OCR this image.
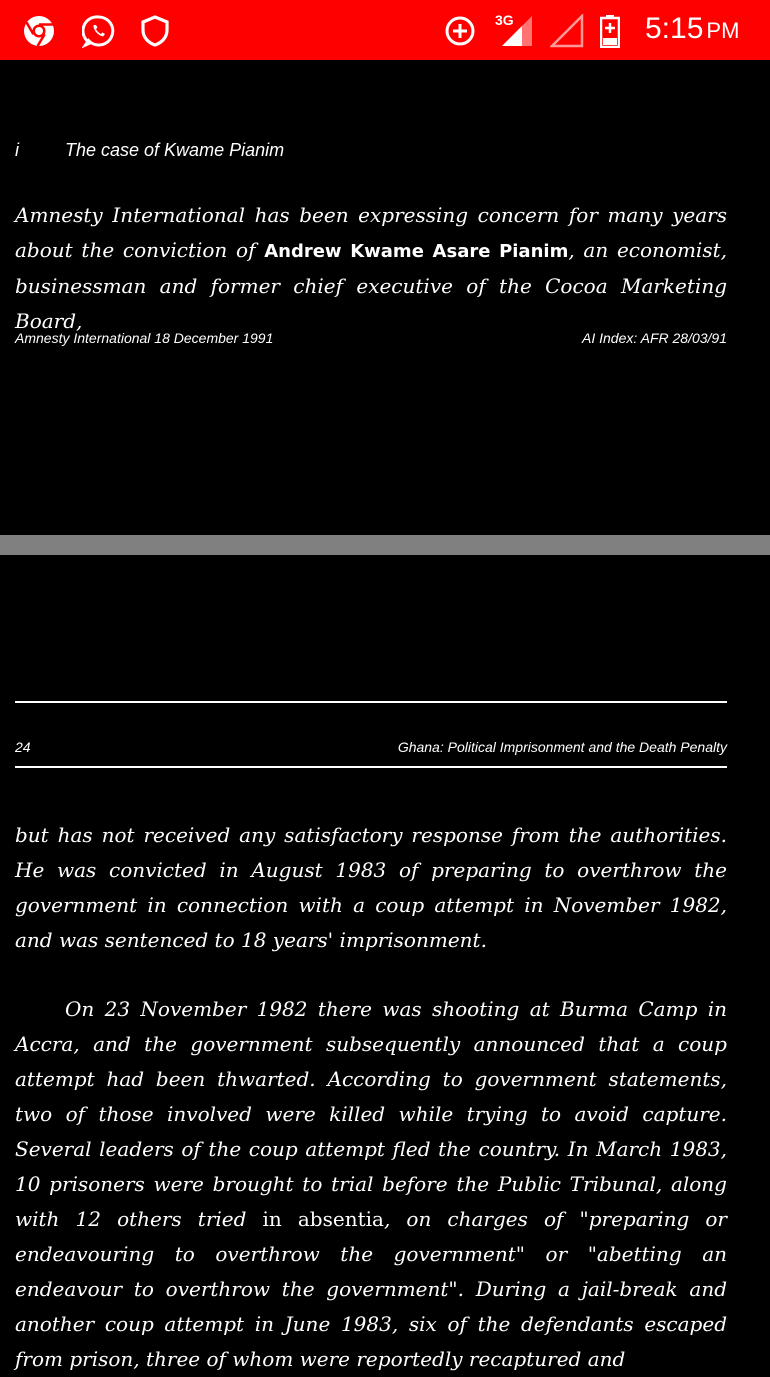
3G	5:15 PM
i	The case of Kwame Pianim
Amnesty International has been expressing concern for many years about the conviction of Andrew Kwame Asare Pianim, an economist, businessman and former chief executive of the Cocoa Marketing Board,
Amnesty International 18 December 1991	AI Index: AFR 28/03/91
24	Ghana: Political Imprisonment and the Death Penalty
but has not received any satisfactory response from the authorities. He was convicted in August 1983 of preparing to overthrow the government in connection with a coup attempt in November 1982, and was sentenced to 18 years' imprisonment.
On 23 November 1982 there was shooting at Burma Camp in Accra, and the government subsequently announced that a coup attempt had been thwarted. According to government statements, two of those involved were killed while trying to avoid capture. Several leaders of the coup attempt fled the country. In March 1983, 10 prisoners were brought to trial before the Public Tribunal, along with 12 others tried in absentia, on charges of "preparing or endeavouring to overthrow the government" or "abetting an endeavour to overthrow the government". During a jail-break and another coup attempt in June 1983, six of the defendants escaped from prison, three of whom were reportedly recaptured and
